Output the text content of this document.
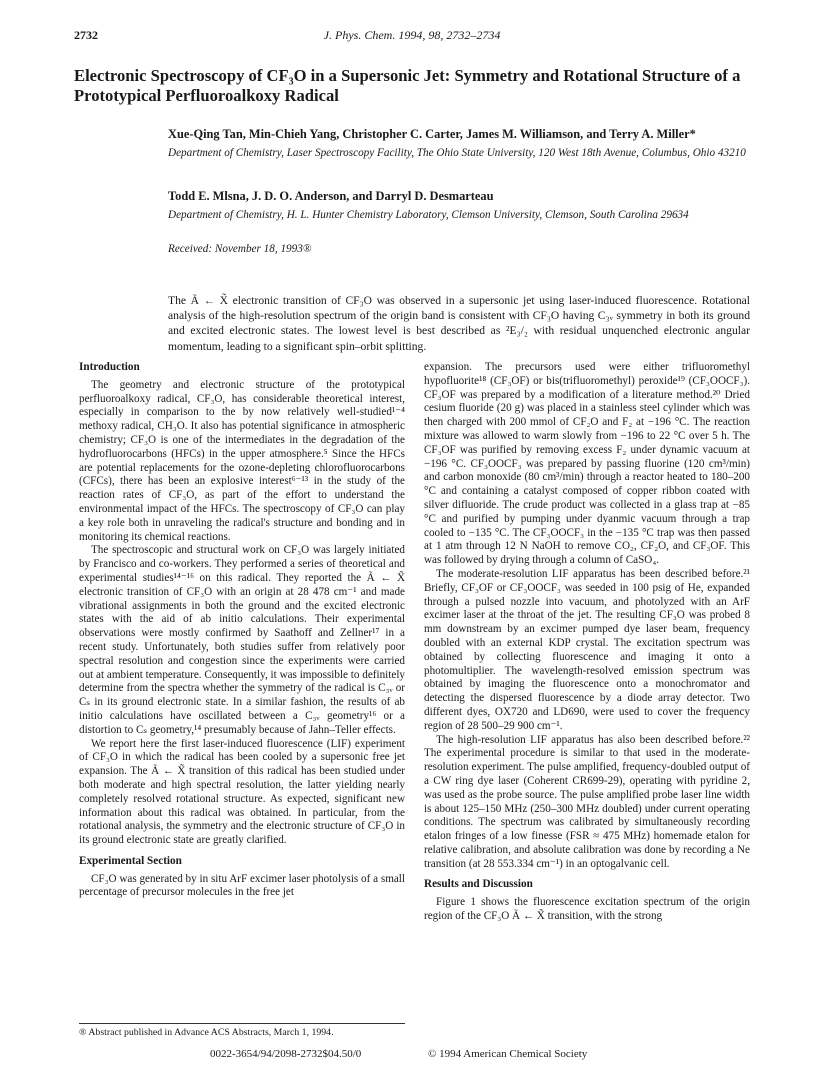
2732	J. Phys. Chem. 1994, 98, 2732–2734
Electronic Spectroscopy of CF₃O in a Supersonic Jet: Symmetry and Rotational Structure of a Prototypical Perfluoroalkoxy Radical
Xue-Qing Tan, Min-Chieh Yang, Christopher C. Carter, James M. Williamson, and Terry A. Miller*
Department of Chemistry, Laser Spectroscopy Facility, The Ohio State University, 120 West 18th Avenue, Columbus, Ohio 43210
Todd E. Mlsna, J. D. O. Anderson, and Darryl D. Desmarteau
Department of Chemistry, H. L. Hunter Chemistry Laboratory, Clemson University, Clemson, South Carolina 29634
Received: November 18, 1993®

The Ã ← X̃ electronic transition of CF₃O was observed in a supersonic jet using laser-induced fluorescence. Rotational analysis of the high-resolution spectrum of the origin band is consistent with CF₃O having C₃ᵥ symmetry in both its ground and excited electronic states. The lowest level is best described as ²E₃/₂ with residual unquenched electronic angular momentum, leading to a significant spin–orbit splitting.

Introduction

The geometry and electronic structure of the prototypical perfluoroalkoxy radical, CF₃O, has considerable theoretical interest, especially in comparison to the by now relatively well-studied¹⁻⁴ methoxy radical, CH₃O. It also has potential significance in atmospheric chemistry; CF₃O is one of the intermediates in the degradation of the hydrofluorocarbons (HFCs) in the upper atmosphere.⁵ Since the HFCs are potential replacements for the ozone-depleting chlorofluorocarbons (CFCs), there has been an explosive interest⁶⁻¹³ in the study of the reaction rates of CF₃O, as part of the effort to understand the environmental impact of the HFCs. The spectroscopy of CF₃O can play a key role both in unraveling the radical's structure and bonding and in monitoring its chemical reactions.

The spectroscopic and structural work on CF₃O was largely initiated by Francisco and co-workers. They performed a series of theoretical and experimental studies¹⁴⁻¹⁶ on this radical. They reported the Ã ← X̃ electronic transition of CF₃O with an origin at 28 478 cm⁻¹ and made vibrational assignments in both the ground and the excited electronic states with the aid of ab initio calculations. Their experimental observations were mostly confirmed by Saathoff and Zellner¹⁷ in a recent study. Unfortunately, both studies suffer from relatively poor spectral resolution and congestion since the experiments were carried out at ambient temperature. Consequently, it was impossible to definitely determine from the spectra whether the symmetry of the radical is C₃ᵥ or Cₛ in its ground electronic state. In a similar fashion, the results of ab initio calculations have oscillated between a C₃ᵥ geometry¹⁶ or a distortion to Cₛ geometry,¹⁴ presumably because of Jahn–Teller effects.

We report here the first laser-induced fluorescence (LIF) experiment of CF₃O in which the radical has been cooled by a supersonic free jet expansion. The Ã ← X̃ transition of this radical has been studied under both moderate and high spectral resolution, the latter yielding nearly completely resolved rotational structure. As expected, significant new information about this radical was obtained. In particular, from the rotational analysis, the symmetry and the electronic structure of CF₃O in its ground electronic state are greatly clarified.

Experimental Section

CF₃O was generated by in situ ArF excimer laser photolysis of a small percentage of precursor molecules in the free jet

expansion. The precursors used were either trifluoromethyl hypofluorite¹⁸ (CF₃OF) or bis(trifluoromethyl) peroxide¹⁹ (CF₃OOCF₃). CF₃OF was prepared by a modification of a literature method.²⁰ Dried cesium fluoride (20 g) was placed in a stainless steel cylinder which was then charged with 200 mmol of CF₂O and F₂ at −196 °C. The reaction mixture was allowed to warm slowly from −196 to 22 °C over 5 h. The CF₃OF was purified by removing excess F₂ under dynamic vacuum at −196 °C. CF₃OOCF₃ was prepared by passing fluorine (120 cm³/min) and carbon monoxide (80 cm³/min) through a reactor heated to 180–200 °C and containing a catalyst composed of copper ribbon coated with silver difluoride. The crude product was collected in a glass trap at −85 °C and purified by pumping under dyanmic vacuum through a trap cooled to −135 °C. The CF₃OOCF₃ in the −135 °C trap was then passed at 1 atm through 12 N NaOH to remove CO₂, CF₂O, and CF₃OF. This was followed by drying through a column of CaSO₄.

The moderate-resolution LIF apparatus has been described before.²¹ Briefly, CF₃OF or CF₃OOCF₃ was seeded in 100 psig of He, expanded through a pulsed nozzle into vacuum, and photolyzed with an ArF excimer laser at the throat of the jet. The resulting CF₃O was probed 8 mm downstream by an excimer pumped dye laser beam, frequency doubled with an external KDP crystal. The excitation spectrum was obtained by collecting fluorescence and imaging it onto a photomultiplier. The wavelength-resolved emission spectrum was obtained by imaging the fluorescence onto a monochromator and detecting the dispersed fluorescence by a diode array detector. Two different dyes, OX720 and LD690, were used to cover the frequency region of 28 500–29 900 cm⁻¹.

The high-resolution LIF apparatus has also been described before.²² The experimental procedure is similar to that used in the moderate-resolution experiment. The pulse amplified, frequency-doubled output of a CW ring dye laser (Coherent CR699-29), operating with pyridine 2, was used as the probe source. The pulse amplified probe laser line width is about 125–150 MHz (250–300 MHz doubled) under current operating conditions. The spectrum was calibrated by simultaneously recording etalon fringes of a low finesse (FSR ≈ 475 MHz) homemade etalon for relative calibration, and absolute calibration was done by recording a Ne transition (at 28 553.334 cm⁻¹) in an optogalvanic cell.

Results and Discussion

Figure 1 shows the fluorescence excitation spectrum of the origin region of the CF₃O Ã ← X̃ transition, with the strong

® Abstract published in Advance ACS Abstracts, March 1, 1994.
0022-3654/94/2098-2732$04.50/0	© 1994 American Chemical Society
